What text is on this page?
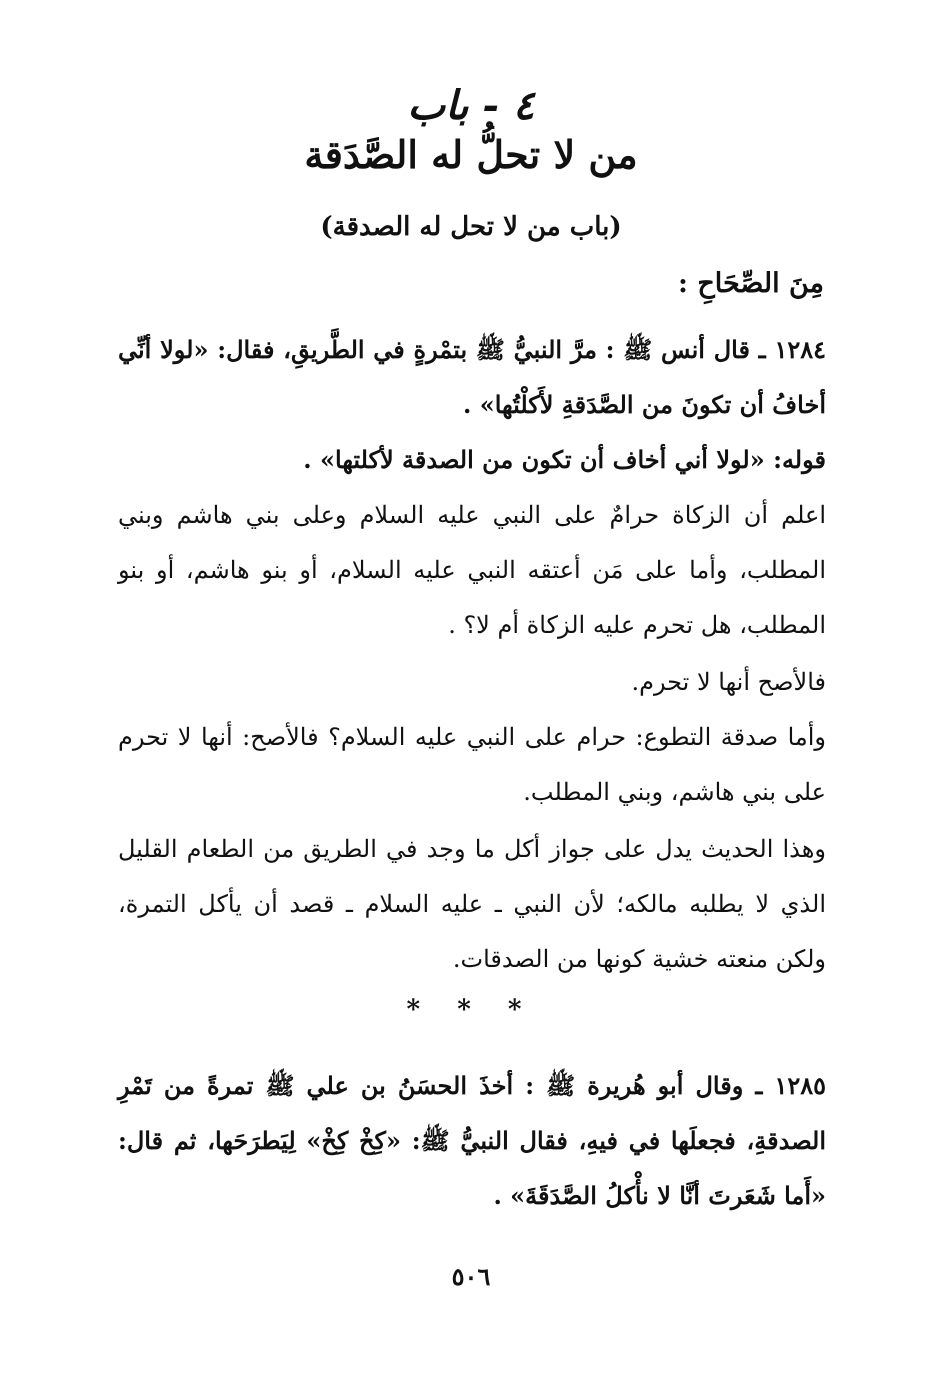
٤ - باب
من لا تحلُّ له الصَّدَقة
(باب من لا تحل له الصدقة)
مِنَ الصِّحَاحِ :
١٢٨٤ ـ قال أنس ﷺ : مرَّ النبيُّ ﷺ بتمْرةٍ في الطَّريقِ، فقال: «لولا أنِّي أخافُ أن تكونَ من الصَّدَقةِ لأَكلْتُها» .
قوله: «لولا أني أخاف أن تكون من الصدقة لأكلتها» .
اعلم أن الزكاة حرامٌ على النبي عليه السلام وعلى بني هاشم وبني المطلب، وأما على مَن أعتقه النبي عليه السلام، أو بنو هاشم، أو بنو المطلب، هل تحرم عليه الزكاة أم لا؟ .
فالأصح أنها لا تحرم.
وأما صدقة التطوع: حرام على النبي عليه السلام؟ فالأصح: أنها لا تحرم على بني هاشم، وبني المطلب.
وهذا الحديث يدل على جواز أكل ما وجد في الطريق من الطعام القليل الذي لا يطلبه مالكه؛ لأن النبي ـ عليه السلام ـ قصد أن يأكل التمرة، ولكن منعته خشية كونها من الصدقات.
* * *
١٢٨٥ ـ وقال أبو هُريرة ﷺ : أخذَ الحسَنُ بن علي ﷺ تمرةً من تَمْرِ الصدقةِ، فجعلَها في فيهِ، فقال النبيُّ ﷺ: «كِخْ كِخْ» لِيَطرَحَها، ثم قال: «أَما شَعَرتَ أنَّا لا نأْكلُ الصَّدَقَةَ» .
٥٠٦
